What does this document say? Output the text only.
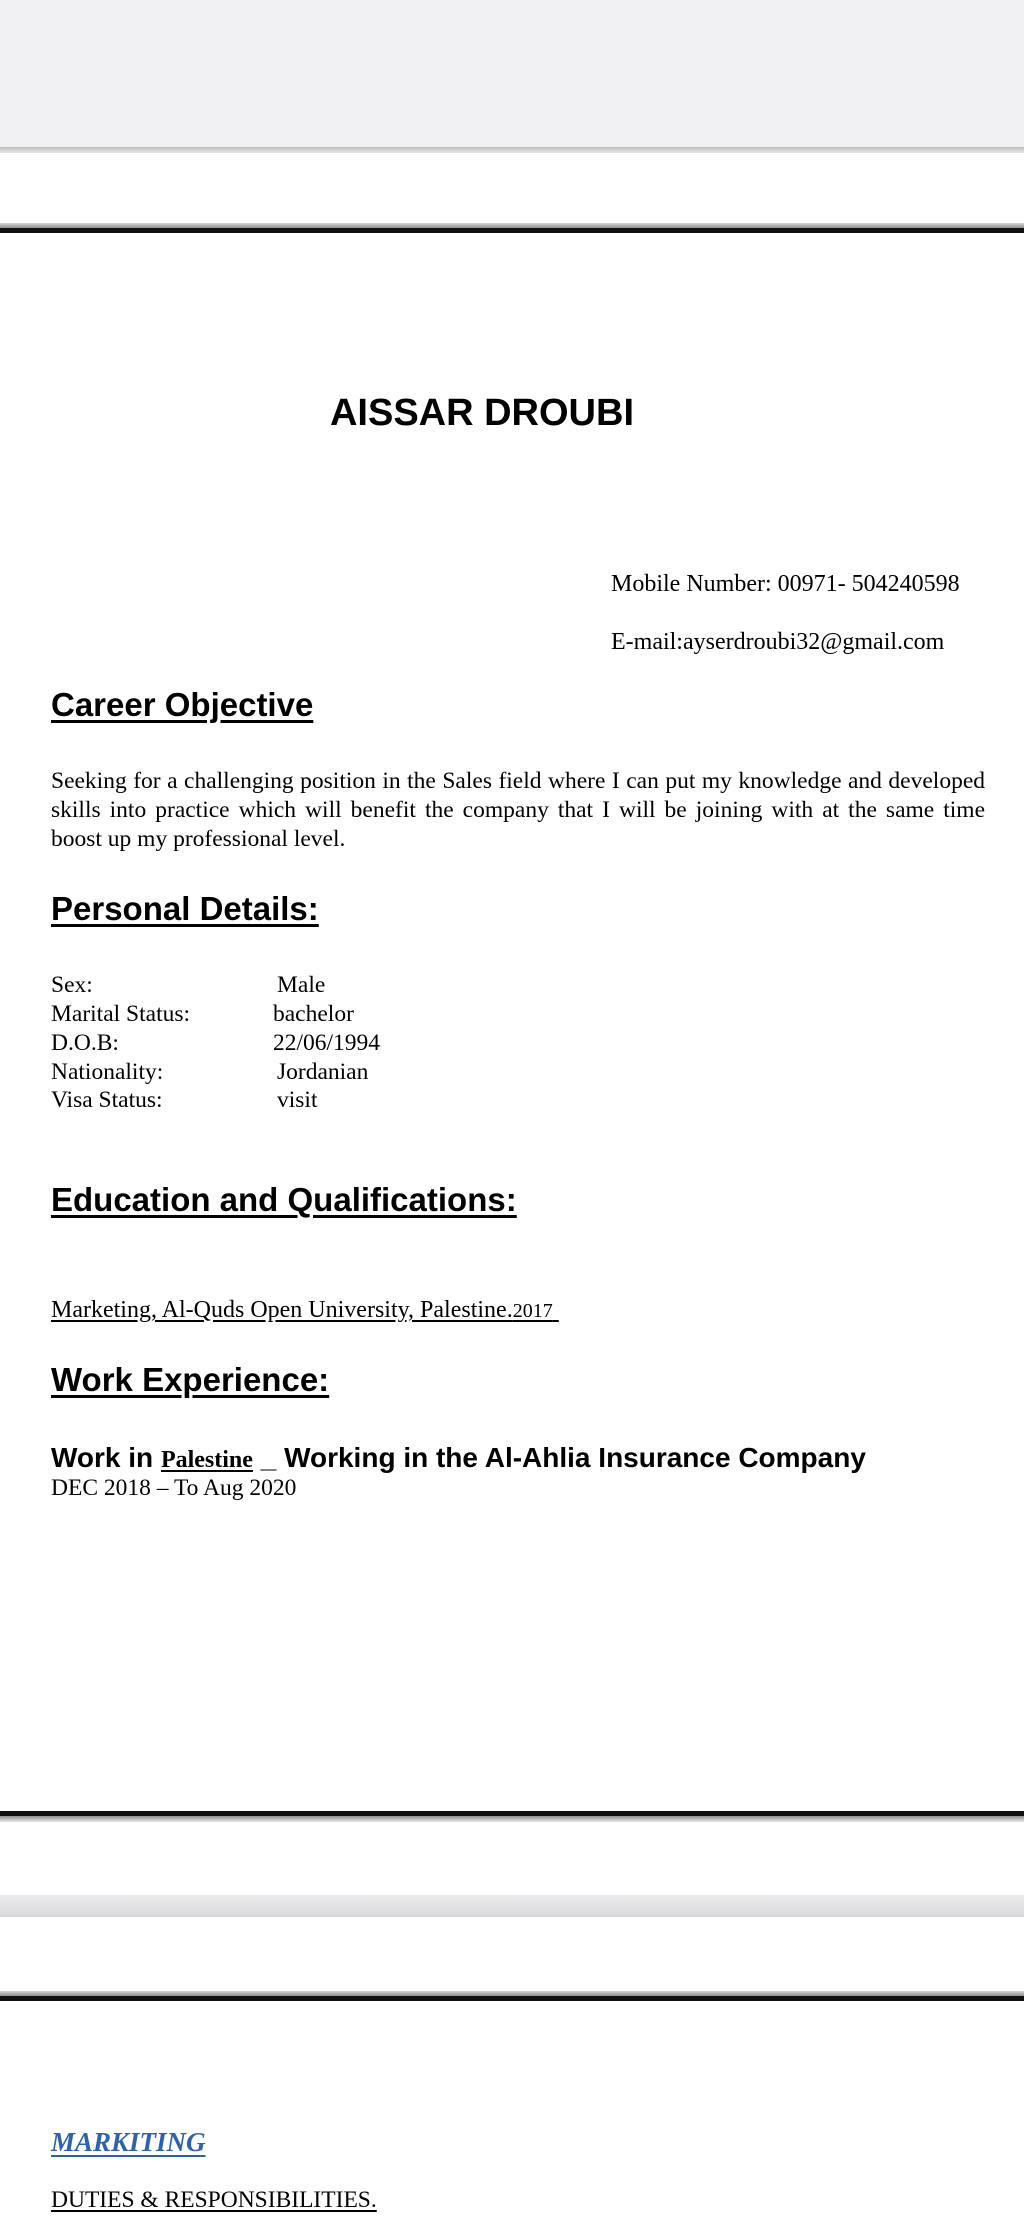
AISSAR DROUBI
Mobile Number: 00971- 504240598
E-mail:ayserdroubi32@gmail.com
Career Objective
Seeking for a challenging position in the Sales field where I can put my knowledge and developed skills into practice which will benefit the company that I will be joining with at the same time boost up my professional level.
Personal Details:
Sex:	Male
Marital Status:	bachelor
D.O.B:	22/06/1994
Nationality:	Jordanian
Visa Status:	visit
Education and Qualifications:
Marketing, Al-Quds Open University, Palestine.2017
Work Experience:
Work in Palestine _ Working in the Al-Ahlia Insurance Company
DEC 2018 – To Aug 2020
MARKITING
DUTIES & RESPONSIBILITIES.
